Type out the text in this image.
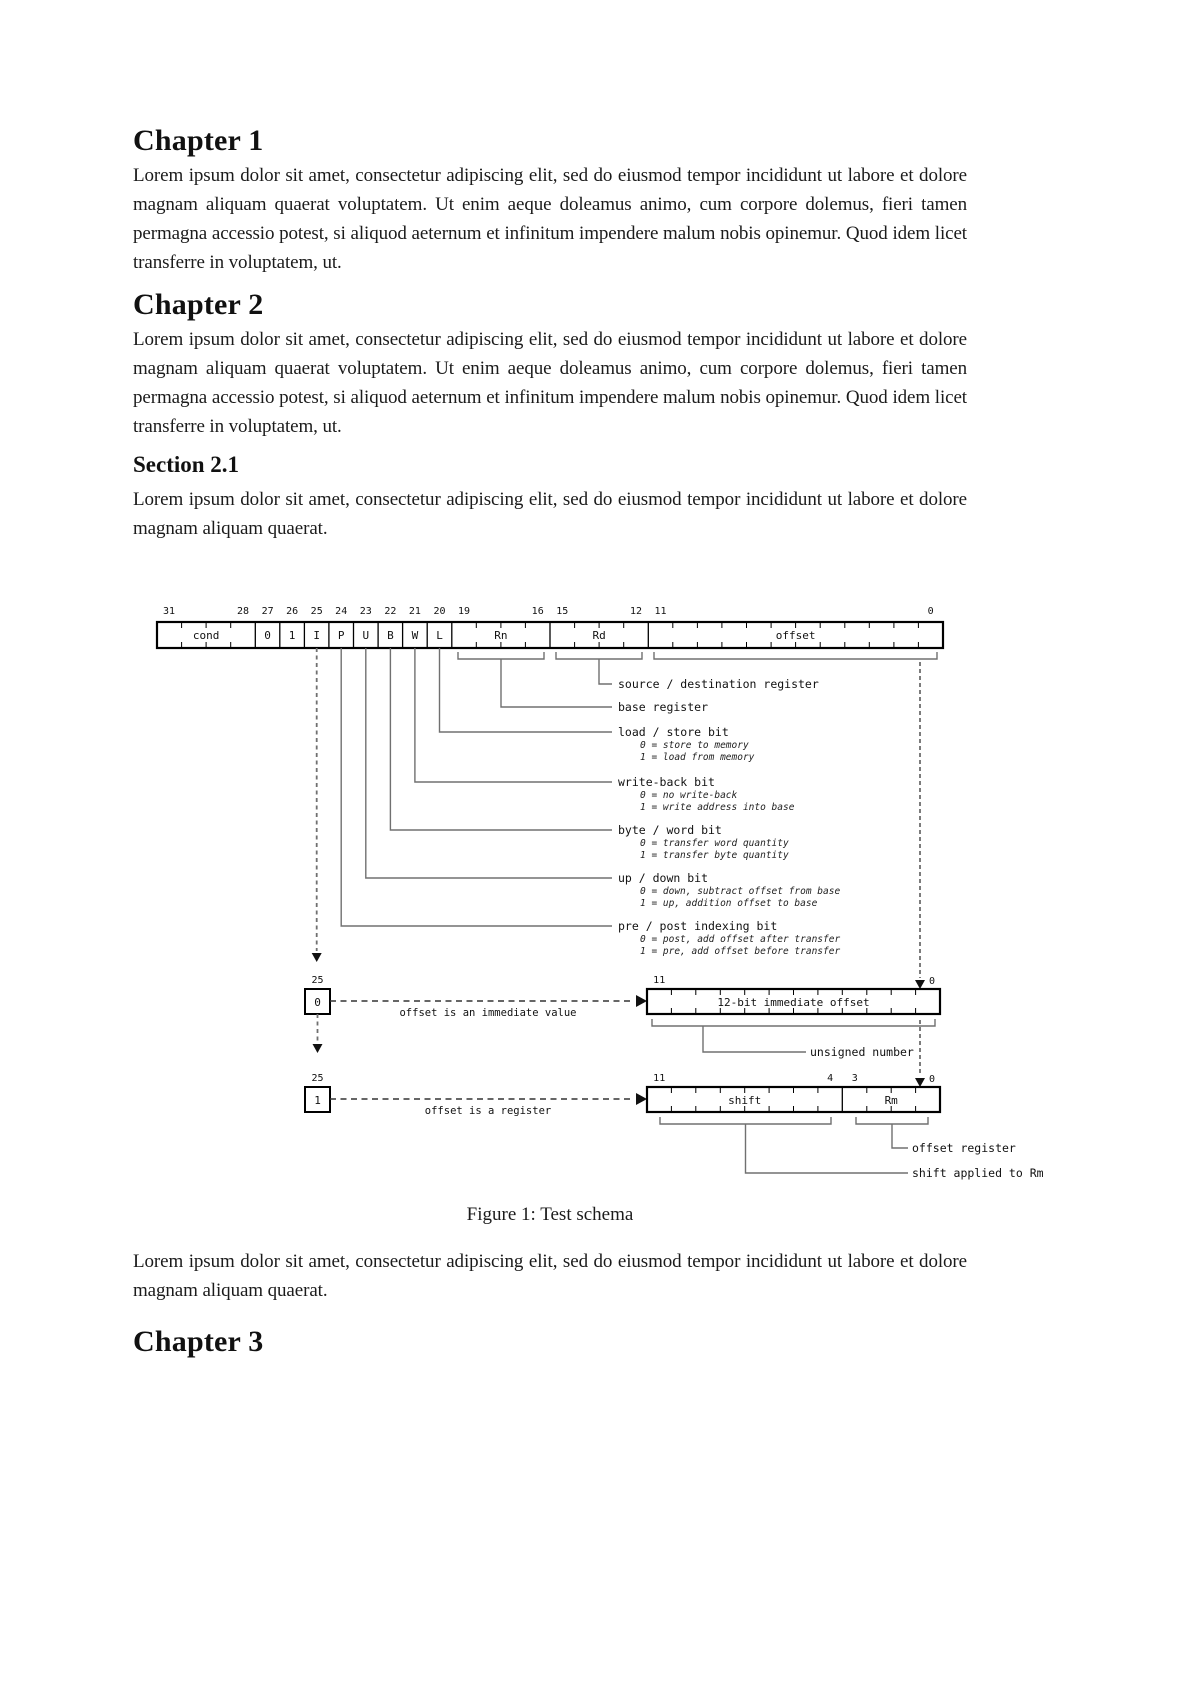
Chapter 1
Lorem ipsum dolor sit amet, consectetur adipiscing elit, sed do eiusmod tempor incididunt ut labore et dolore magnam aliquam quaerat voluptatem. Ut enim aeque doleamus animo, cum corpore dolemus, fieri tamen permagna accessio potest, si aliquod aeternum et infinitum impendere malum nobis opinemur. Quod idem licet transferre in voluptatem, ut.
Chapter 2
Lorem ipsum dolor sit amet, consectetur adipiscing elit, sed do eiusmod tempor incididunt ut labore et dolore magnam aliquam quaerat voluptatem. Ut enim aeque doleamus animo, cum corpore dolemus, fieri tamen permagna accessio potest, si aliquod aeternum et infinitum impendere malum nobis opinemur. Quod idem licet transferre in voluptatem, ut.
Section 2.1
Lorem ipsum dolor sit amet, consectetur adipiscing elit, sed do eiusmod tempor incididunt ut labore et dolore magnam aliquam quaerat.
31	28 27 26 25 24 23 22 21 20 19	16 15	12 11	0
cond	0 1 I P U B W L	Rn	Rd	offset
source / destination register
base register
load / store bit
0 = store to memory
1 = load from memory
write-back bit
0 = no write-back
1 = write address into base
byte / word bit
0 = transfer word quantity
1 = transfer byte quantity
up / down bit
0 = down, subtract offset from base
1 = up, addition offset to base
pre / post indexing bit
0 = post, add offset after transfer
1 = pre, add offset before transfer
25
0
offset is an immediate value
11	0
12-bit immediate offset
unsigned number
25
1
offset is a register
11	4 3	0
shift	Rm
offset register
shift applied to Rm
Figure 1: Test schema
Lorem ipsum dolor sit amet, consectetur adipiscing elit, sed do eiusmod tempor incididunt ut labore et dolore magnam aliquam quaerat.
Chapter 3
